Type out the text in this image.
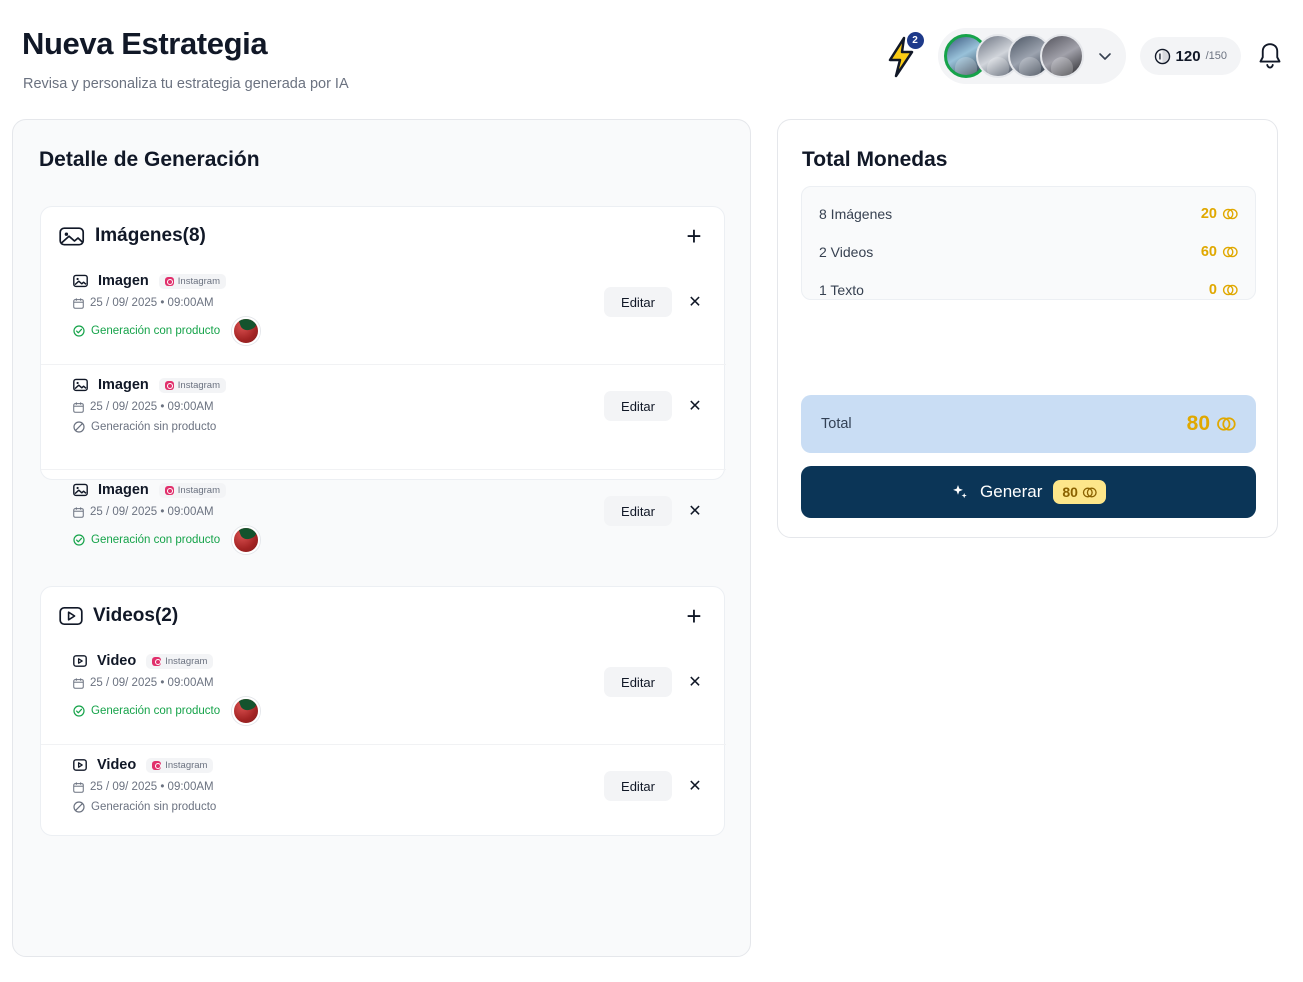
Nueva Estrategia
Revisa y personaliza tu estrategia generada por IA
2
120 /150
Detalle de Generación
Imágenes(8)	+
Imagen	Instagram
25 / 09/ 2025 • 09:00AM
Generación con producto
Editar	✕
Imagen	Instagram
25 / 09/ 2025 • 09:00AM
Generación sin producto
Editar	✕
Imagen	Instagram
25 / 09/ 2025 • 09:00AM
Generación con producto
Editar	✕
Videos(2)	+
Video	Instagram
25 / 09/ 2025 • 09:00AM
Generación con producto
Editar	✕
Video	Instagram
25 / 09/ 2025 • 09:00AM
Generación sin producto
Editar	✕
Total Monedas
8 Imágenes	20
2 Videos	60
1 Texto	0
Total	80
Generar 80
